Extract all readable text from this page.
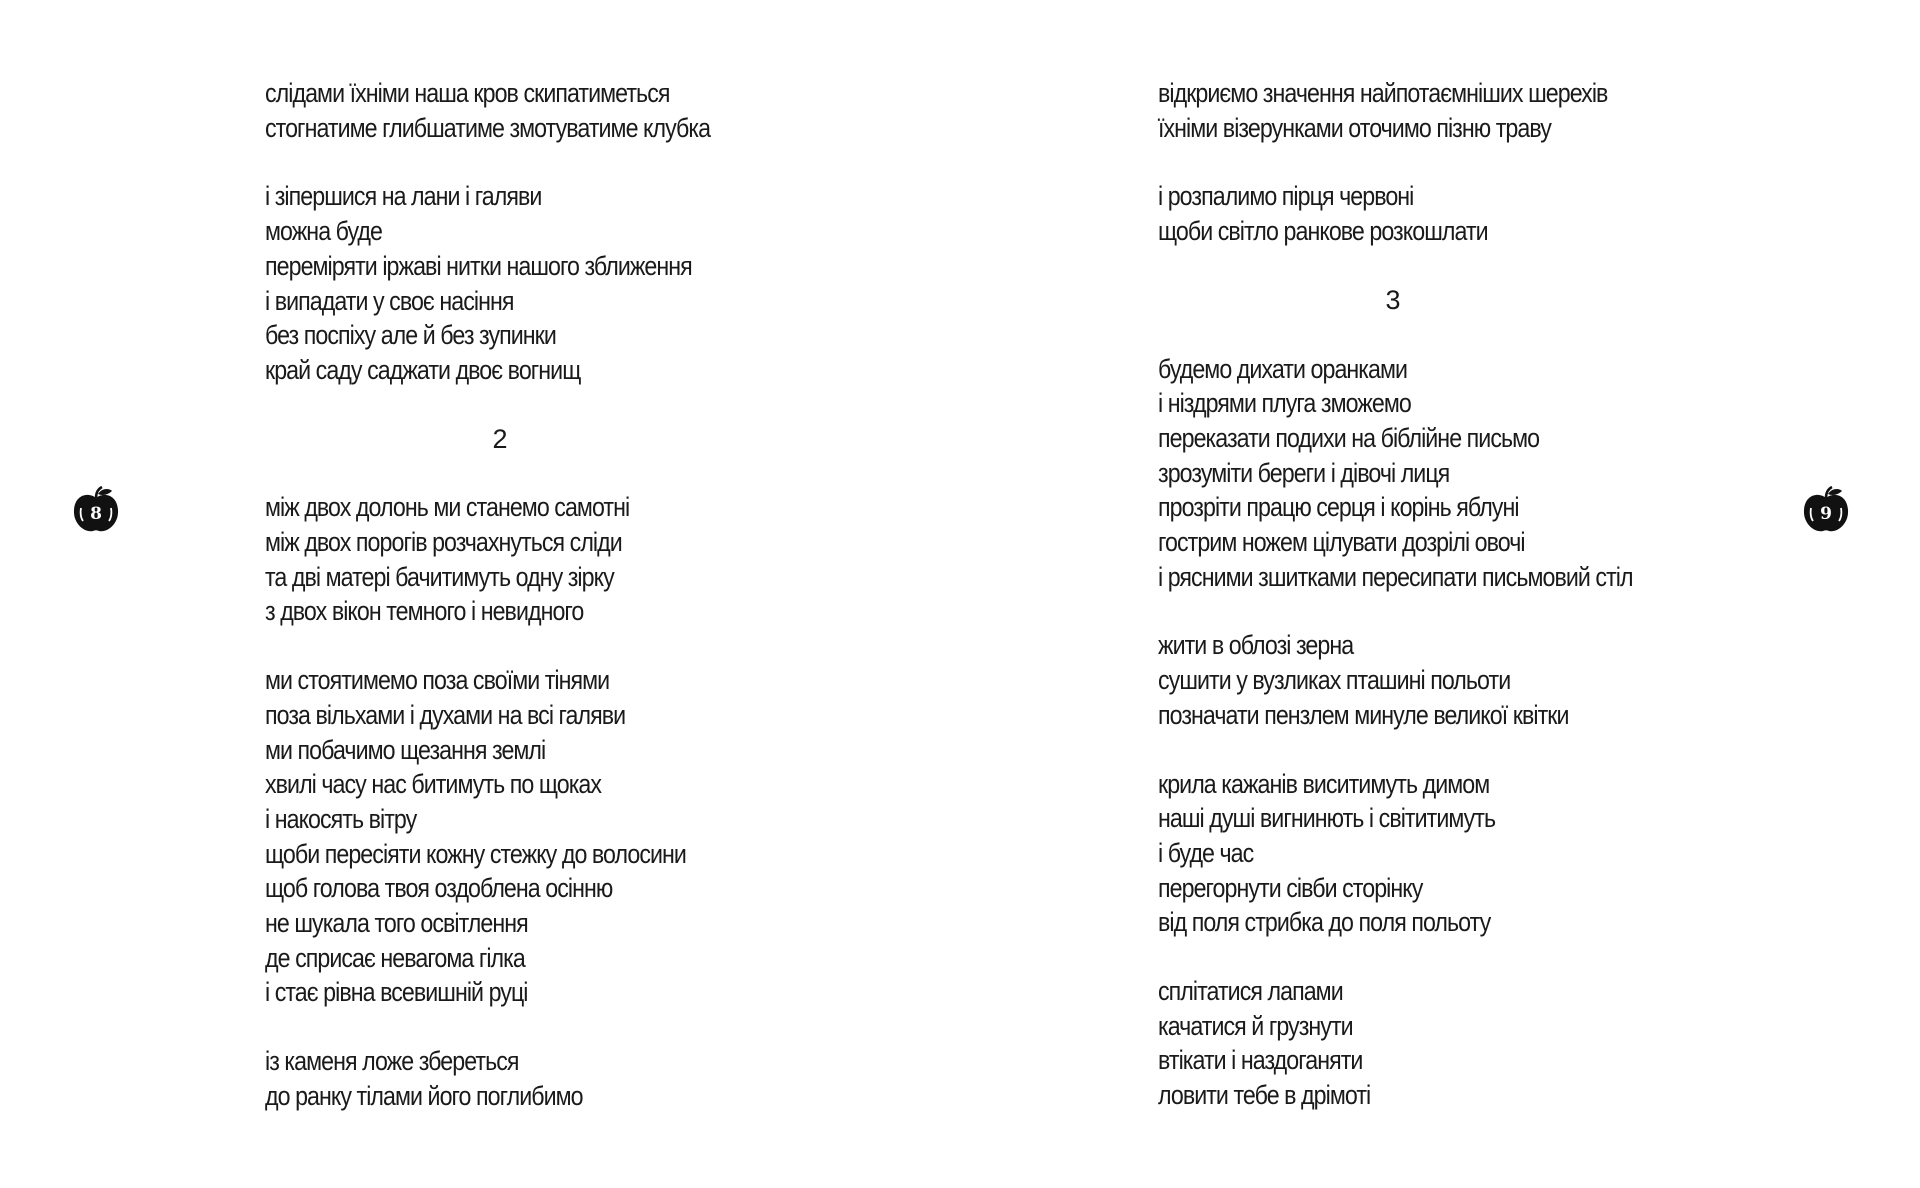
8	9
слідами їхніми наша кров скипатиметься
стогнатиме глибшатиме змотуватиме клубка
і зіпершися на лани і галяви
можна буде
переміряти іржаві нитки нашого зближення
і випадати у своє насіння
без поспіху але й без зупинки
край саду саджати двоє вогнищ
2
між двох долонь ми станемо самотні
між двох порогів розчахнуться сліди
та дві матері бачитимуть одну зірку
з двох вікон темного і невидного
ми стоятимемо поза своїми тінями
поза вільхами і духами на всі галяви
ми побачимо щезання землі
хвилі часу нас битимуть по щоках
і накосять вітру
щоби пересіяти кожну стежку до волосини
щоб голова твоя оздоблена осінню
не шукала того освітлення
де сприсає невагома гілка
і стає рівна всевишній руці
із каменя ложе збереться
до ранку тілами його поглибимо
відкриємо значення найпотаємніших шерехів
їхніми візерунками оточимо пізню траву
і розпалимо пірця червоні
щоби світло ранкове розкошлати
3
будемо дихати оранками
і ніздрями плуга зможемо
переказати подихи на біблійне письмо
зрозуміти береги і дівочі лиця
прозріти працю серця і корінь яблуні
гострим ножем цілувати дозрілі овочі
і рясними зшитками пересипати письмовий стіл
жити в облозі зерна
сушити у вузликах пташині польоти
позначати пензлем минуле великої квітки
крила кажанів виситимуть димом
наші душі вигнинють і світитимуть
і буде час
перегорнути сівби сторінку
від поля стрибка до поля польоту
сплітатися лапами
качатися й грузнути
втікати і наздоганяти
ловити тебе в дрімоті
